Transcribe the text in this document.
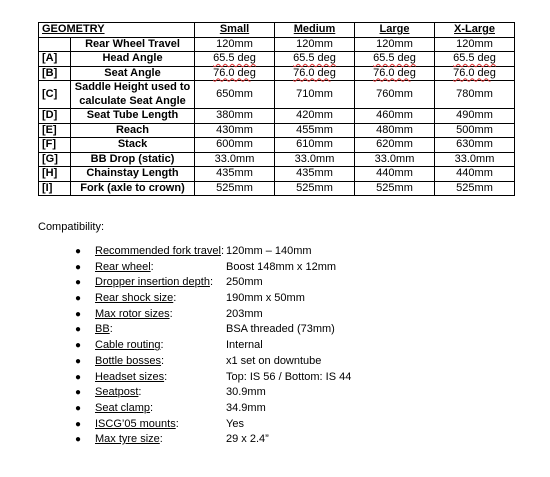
GEOMETRY		Small	Medium	Large	X-Large
	Rear Wheel Travel	120mm	120mm	120mm	120mm
[A]	Head Angle	65.5 deg	65.5 deg	65.5 deg	65.5 deg
[B]	Seat Angle	76.0 deg	76.0 deg	76.0 deg	76.0 deg
[C]	Saddle Height used to calculate Seat Angle	650mm	710mm	760mm	780mm
[D]	Seat Tube Length	380mm	420mm	460mm	490mm
[E]	Reach	430mm	455mm	480mm	500mm
[F]	Stack	600mm	610mm	620mm	630mm
[G]	BB Drop (static)	33.0mm	33.0mm	33.0mm	33.0mm
[H]	Chainstay Length	435mm	435mm	440mm	440mm
[I]	Fork (axle to crown)	525mm	525mm	525mm	525mm
Compatibility:
● Recommended fork travel: 120mm – 140mm
● Rear wheel:	Boost 148mm x 12mm
● Dropper insertion depth: 250mm
● Rear shock size:	190mm x 50mm
● Max rotor sizes:	203mm
● BB:	BSA threaded (73mm)
● Cable routing:	Internal
● Bottle bosses:	x1 set on downtube
● Headset sizes:	Top: IS 56 / Bottom: IS 44
● Seatpost:	30.9mm
● Seat clamp:	34.9mm
● ISCG’05 mounts:	Yes
● Max tyre size:	29 x 2.4”
